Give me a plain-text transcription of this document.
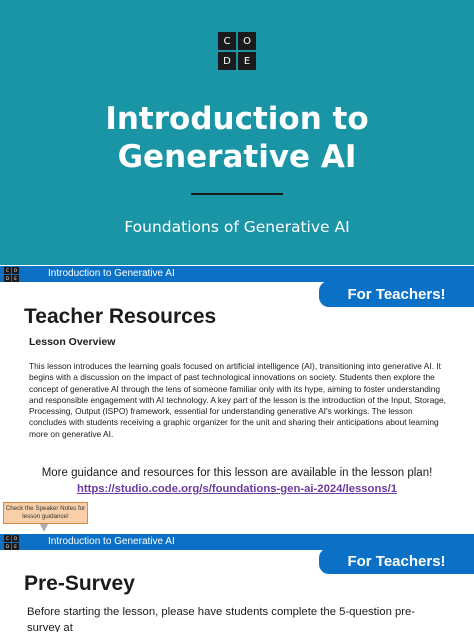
C	O
D	E
Introduction to
Generative AI
Foundations of Generative AI
Introduction to Generative AI
C	O
D	E
For Teachers!
Teacher Resources
Lesson Overview
This lesson introduces the learning goals focused on artificial intelligence (AI), transitioning into generative AI. It begins with a discussion on the impact of past technological innovations on society. Students then explore the concept of generative AI through the lens of someone familiar only with its hype, aiming to foster understanding and responsible engagement with AI technology. A key part of the lesson is the introduction of the Input, Storage, Processing, Output (ISPO) framework, essential for understanding generative AI's workings. The lesson concludes with students receiving a graphic organizer for the unit and sharing their anticipations about learning more on generative AI.
More guidance and resources for this lesson are available in the lesson plan!
https://studio.code.org/s/foundations-gen-ai-2024/lessons/1
Check the Speaker Notes for lesson guidance!
Introduction to Generative AI
C	O
D	E
For Teachers!
Pre-Survey
Before starting the lesson, please have students complete the 5-question pre-survey at
